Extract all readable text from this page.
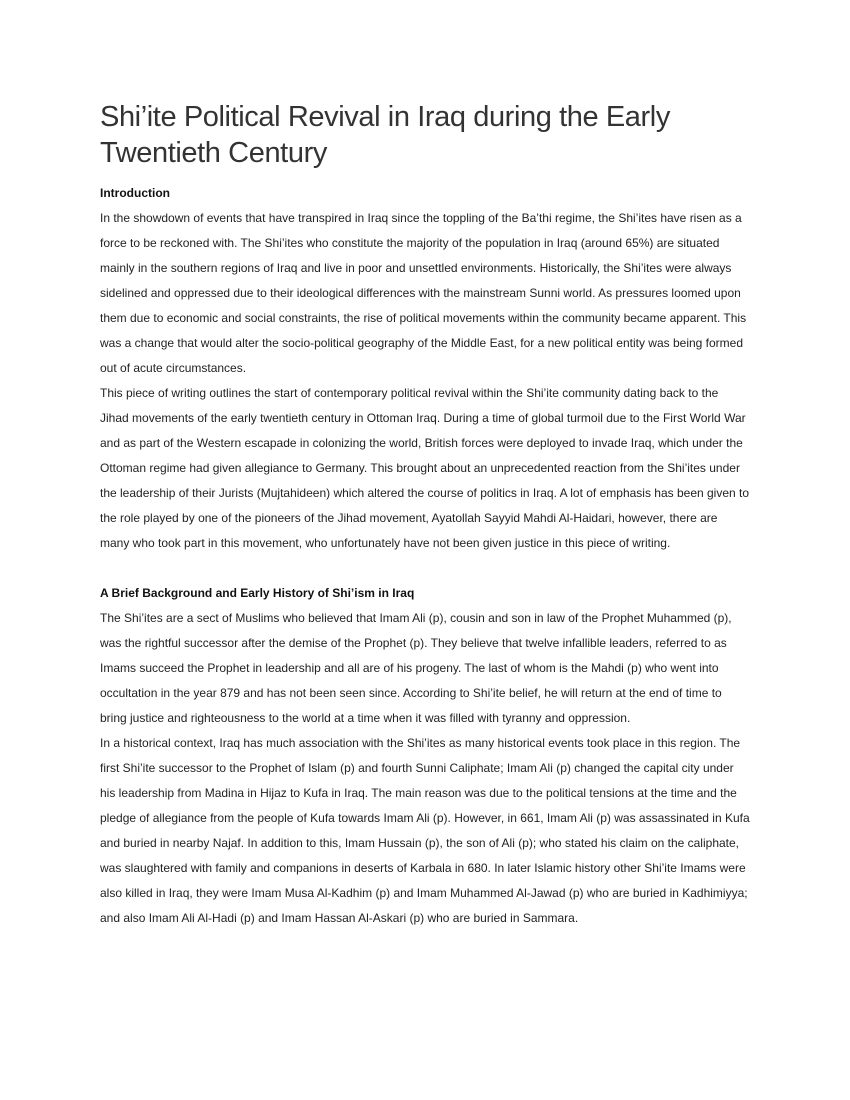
Shi’ite Political Revival in Iraq during the Early Twentieth Century
Introduction

In the showdown of events that have transpired in Iraq since the toppling of the Ba’thi regime, the Shi’ites have risen as a force to be reckoned with. The Shi’ites who constitute the majority of the population in Iraq (around 65%) are situated mainly in the southern regions of Iraq and live in poor and unsettled environments. Historically, the Shi’ites were always sidelined and oppressed due to their ideological differences with the mainstream Sunni world. As pressures loomed upon them due to economic and social constraints, the rise of political movements within the community became apparent. This was a change that would alter the socio-political geography of the Middle East, for a new political entity was being formed out of acute circumstances.

This piece of writing outlines the start of contemporary political revival within the Shi’ite community dating back to the Jihad movements of the early twentieth century in Ottoman Iraq. During a time of global turmoil due to the First World War and as part of the Western escapade in colonizing the world, British forces were deployed to invade Iraq, which under the Ottoman regime had given allegiance to Germany. This brought about an unprecedented reaction from the Shi’ites under the leadership of their Jurists (Mujtahideen) which altered the course of politics in Iraq. A lot of emphasis has been given to the role played by one of the pioneers of the Jihad movement, Ayatollah Sayyid Mahdi Al-Haidari, however, there are many who took part in this movement, who unfortunately have not been given justice in this piece of writing.

A Brief Background and Early History of Shi’ism in Iraq

The Shi’ites are a sect of Muslims who believed that Imam Ali (p), cousin and son in law of the Prophet Muhammed (p), was the rightful successor after the demise of the Prophet (p). They believe that twelve infallible leaders, referred to as Imams succeed the Prophet in leadership and all are of his progeny. The last of whom is the Mahdi (p) who went into occultation in the year 879 and has not been seen since. According to Shi’ite belief, he will return at the end of time to bring justice and righteousness to the world at a time when it was filled with tyranny and oppression.

In a historical context, Iraq has much association with the Shi’ites as many historical events took place in this region. The first Shi’ite successor to the Prophet of Islam (p) and fourth Sunni Caliphate; Imam Ali (p) changed the capital city under his leadership from Madina in Hijaz to Kufa in Iraq. The main reason was due to the political tensions at the time and the pledge of allegiance from the people of Kufa towards Imam Ali (p). However, in 661, Imam Ali (p) was assassinated in Kufa and buried in nearby Najaf. In addition to this, Imam Hussain (p), the son of Ali (p); who stated his claim on the caliphate, was slaughtered with family and companions in deserts of Karbala in 680. In later Islamic history other Shi’ite Imams were also killed in Iraq, they were Imam Musa Al-Kadhim (p) and Imam Muhammed Al-Jawad (p) who are buried in Kadhimiyya; and also Imam Ali Al-Hadi (p) and Imam Hassan Al-Askari (p) who are buried in Sammara.
